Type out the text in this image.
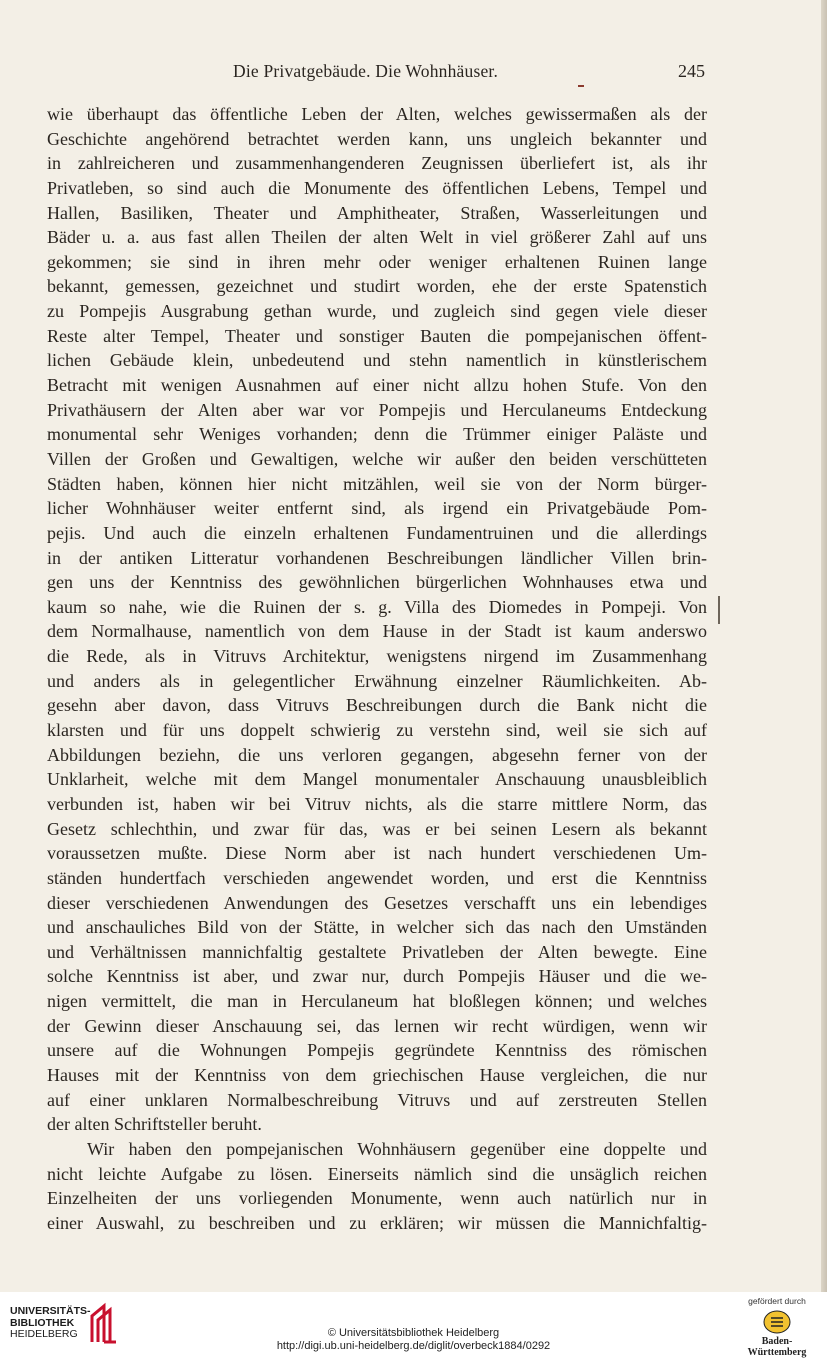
Die Privatgebäude. Die Wohnhäuser.	245

wie überhaupt das öffentliche Leben der Alten, welches gewissermaßen als der

Geschichte angehörend betrachtet werden kann, uns ungleich bekannter und

in zahlreicheren und zusammenhangenderen Zeugnissen überliefert ist, als ihr

Privatleben, so sind auch die Monumente des öffentlichen Lebens, Tempel und

Hallen, Basiliken, Theater und Amphitheater, Straßen, Wasserleitungen und

Bäder u. a. aus fast allen Theilen der alten Welt in viel größerer Zahl auf uns

gekommen; sie sind in ihren mehr oder weniger erhaltenen Ruinen lange

bekannt, gemessen, gezeichnet und studirt worden, ehe der erste Spatenstich

zu Pompejis Ausgrabung gethan wurde, und zugleich sind gegen viele dieser

Reste alter Tempel, Theater und sonstiger Bauten die pompejanischen öffent-

lichen Gebäude klein, unbedeutend und stehn namentlich in künstlerischem

Betracht mit wenigen Ausnahmen auf einer nicht allzu hohen Stufe. Von den

Privathäusern der Alten aber war vor Pompejis und Herculaneums Entdeckung

monumental sehr Weniges vorhanden; denn die Trümmer einiger Paläste und

Villen der Großen und Gewaltigen, welche wir außer den beiden verschütteten

Städten haben, können hier nicht mitzählen, weil sie von der Norm bürger-

licher Wohnhäuser weiter entfernt sind, als irgend ein Privatgebäude Pom-

pejis. Und auch die einzeln erhaltenen Fundamentruinen und die allerdings

in der antiken Litteratur vorhandenen Beschreibungen ländlicher Villen brin-

gen uns der Kenntniss des gewöhnlichen bürgerlichen Wohnhauses etwa und

kaum so nahe, wie die Ruinen der s. g. Villa des Diomedes in Pompeji. Von

dem Normalhause, namentlich von dem Hause in der Stadt ist kaum anderswo

die Rede, als in Vitruvs Architektur, wenigstens nirgend im Zusammenhang

und anders als in gelegentlicher Erwähnung einzelner Räumlichkeiten. Ab-

gesehn aber davon, dass Vitruvs Beschreibungen durch die Bank nicht die

klarsten und für uns doppelt schwierig zu verstehn sind, weil sie sich auf

Abbildungen beziehn, die uns verloren gegangen, abgesehn ferner von der

Unklarheit, welche mit dem Mangel monumentaler Anschauung unausbleiblich

verbunden ist, haben wir bei Vitruv nichts, als die starre mittlere Norm, das

Gesetz schlechthin, und zwar für das, was er bei seinen Lesern als bekannt

voraussetzen mußte. Diese Norm aber ist nach hundert verschiedenen Um-

ständen hundertfach verschieden angewendet worden, und erst die Kenntniss

dieser verschiedenen Anwendungen des Gesetzes verschafft uns ein lebendiges

und anschauliches Bild von der Stätte, in welcher sich das nach den Umständen

und Verhältnissen mannichfaltig gestaltete Privatleben der Alten bewegte. Eine

solche Kenntniss ist aber, und zwar nur, durch Pompejis Häuser und die we-

nigen vermittelt, die man in Herculaneum hat bloßlegen können; und welches

der Gewinn dieser Anschauung sei, das lernen wir recht würdigen, wenn wir

unsere auf die Wohnungen Pompejis gegründete Kenntniss des römischen

Hauses mit der Kenntniss von dem griechischen Hause vergleichen, die nur

auf einer unklaren Normalbeschreibung Vitruvs und auf zerstreuten Stellen

der alten Schriftsteller beruht.

Wir haben den pompejanischen Wohnhäusern gegenüber eine doppelte und

nicht leichte Aufgabe zu lösen. Einerseits nämlich sind die unsäglich reichen

Einzelheiten der uns vorliegenden Monumente, wenn auch natürlich nur in

einer Auswahl, zu beschreiben und zu erklären; wir müssen die Mannichfaltig-

UNIVERSITÄTS-
BIBLIOTHEK
HEIDELBERG	© Universitätsbibliothek Heidelberg
http://digi.ub.uni-heidelberg.de/diglit/overbeck1884/0292
gefördert durch
Baden-Württemberg
